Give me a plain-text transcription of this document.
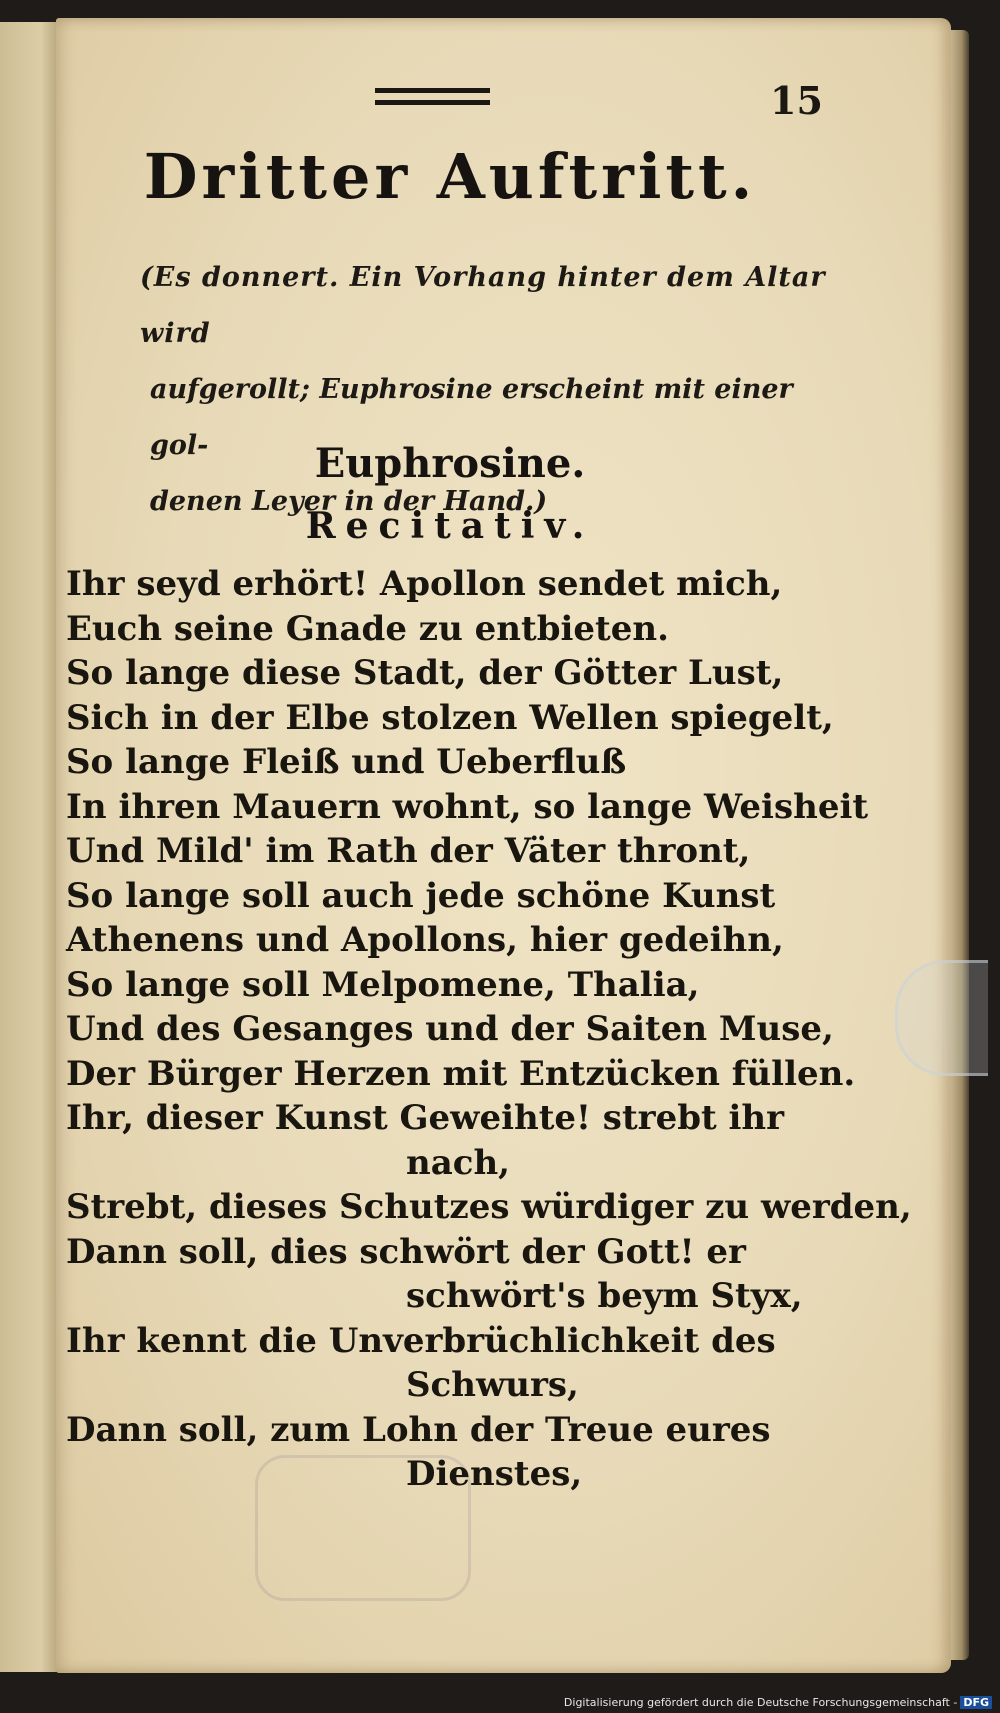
15
Dritter Auftritt.
(Es donnert. Ein Vorhang hinter dem Altar wird
aufgerollt; Euphrosine erscheint mit einer gol-
denen Leyer in der Hand.)
Euphrosine.
Recitativ.
Ihr seyd erhört! Apollon sendet mich,
Euch seine Gnade zu entbieten.
So lange diese Stadt, der Götter Lust,
Sich in der Elbe stolzen Wellen spiegelt,
So lange Fleiß und Ueberfluß
In ihren Mauern wohnt, so lange Weisheit
Und Mild' im Rath der Väter thront,
So lange soll auch jede schöne Kunst
Athenens und Apollons, hier gedeihn,
So lange soll Melpomene, Thalia,
Und des Gesanges und der Saiten Muse,
Der Bürger Herzen mit Entzücken füllen.
Ihr, dieser Kunst Geweihte! strebt ihr
nach,
Strebt, dieses Schutzes würdiger zu werden,
Dann soll, dies schwört der Gott! er
schwört's beym Styx,
Ihr kennt die Unverbrüchlichkeit des
Schwurs,
Dann soll, zum Lohn der Treue eures
Dienstes,
Digitalisierung gefördert durch die Deutsche Forschungsgemeinschaft - DFG
